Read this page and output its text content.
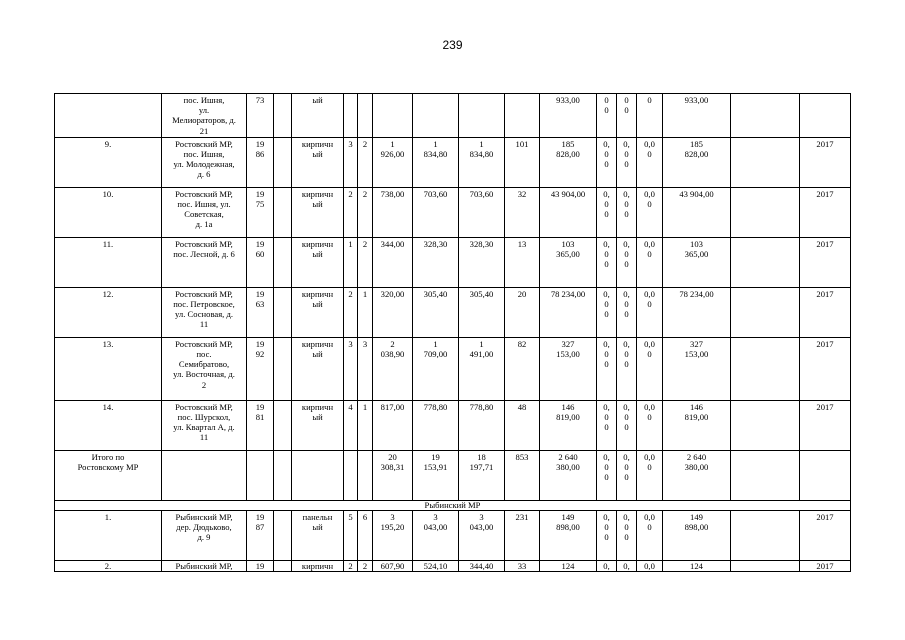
239
	пос. Ишня,
ул.
Мелиораторов, д.
21	73		ый							933,00	0
0	0
0	0	933,00		
9.	Ростовский МР,
пос. Ишня,
ул. Молодежная,
д. 6	19
86		кирпичн
ый	3	2	1
926,00	1
834,80	1
834,80	101	185
828,00	0,
0
0	0,
0
0	0,0
0	185
828,00		2017
10.	Ростовский МР,
пос. Ишня, ул.
Советская,
д. 1а	19
75		кирпичн
ый	2	2	738,00	703,60	703,60	32	43 904,00	0,
0
0	0,
0
0	0,0
0	43 904,00		2017
11.	Ростовский МР,
пос. Лесной, д. 6	19
60		кирпичн
ый	1	2	344,00	328,30	328,30	13	103
365,00	0,
0
0	0,
0
0	0,0
0	103
365,00		2017
12.	Ростовский МР,
пос. Петровское,
ул. Сосновая, д.
11	19
63		кирпичн
ый	2	1	320,00	305,40	305,40	20	78 234,00	0,
0
0	0,
0
0	0,0
0	78 234,00		2017
13.	Ростовский МР,
пос.
Семибратово,
ул. Восточная, д.
2	19
92		кирпичн
ый	3	3	2
038,90	1
709,00	1
491,00	82	327
153,00	0,
0
0	0,
0
0	0,0
0	327
153,00		2017
14.	Ростовский МР,
пос. Шурскол,
ул. Квартал А, д.
11	19
81		кирпичн
ый	4	1	817,00	778,80	778,80	48	146
819,00	0,
0
0	0,
0
0	0,0
0	146
819,00		2017
Итого по
Ростовскому МР							20
308,31	19
153,91	18
197,71	853	2 640
380,00	0,
0
0	0,
0
0	0,0
0	2 640
380,00		
Рыбинский МР																	
1.	Рыбинский МР,
дер. Дюдьково,
д. 9	19
87		панельн
ый	5	6	3
195,20	3
043,00	3
043,00	231	149
898,00	0,
0
0	0,
0
0	0,0
0	149
898,00		2017
2.	Рыбинский МР,	19		кирпичн	2	2	607,90	524,10	344,40	33	124	0,	0,	0,0	124		2017
